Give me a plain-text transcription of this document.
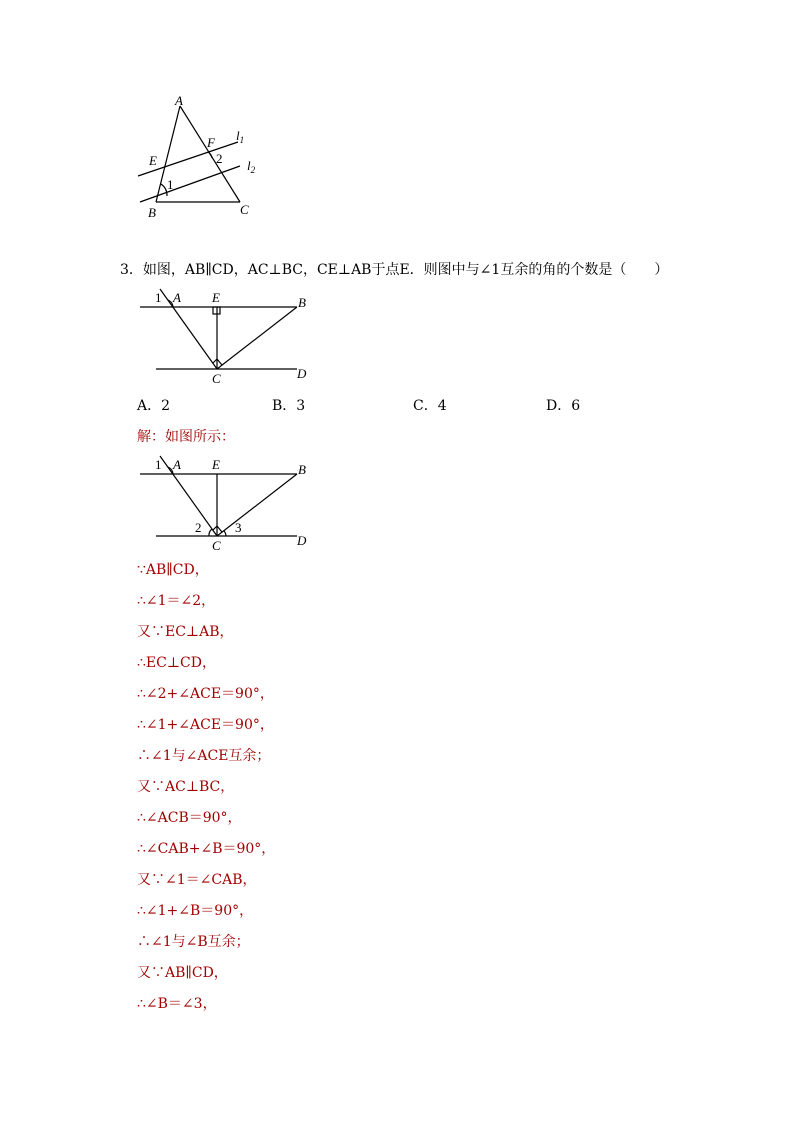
A
B	C
E
F
1
2
$l_1$
$l_2$
3．如图，AB∥CD，AC⊥BC，CE⊥AB于点E．则图中与∠1互余的角的个数是（　　）
1 A E	B
C	D
A．2	B．3	C．4	D．6
解：如图所示：
1 A E	B
C	D
2	3
∵AB∥CD，
∴∠1＝∠2，
又∵EC⊥AB，
∴EC⊥CD，
∴∠2+∠ACE＝90°，
∴∠1+∠ACE＝90°，
∴∠1与∠ACE互余；
又∵AC⊥BC，
∴∠ACB＝90°，
∴∠CAB+∠B＝90°，
又∵∠1＝∠CAB，
∴∠1+∠B＝90°，
∴∠1与∠B互余；
又∵AB∥CD，
∴∠B＝∠3，
